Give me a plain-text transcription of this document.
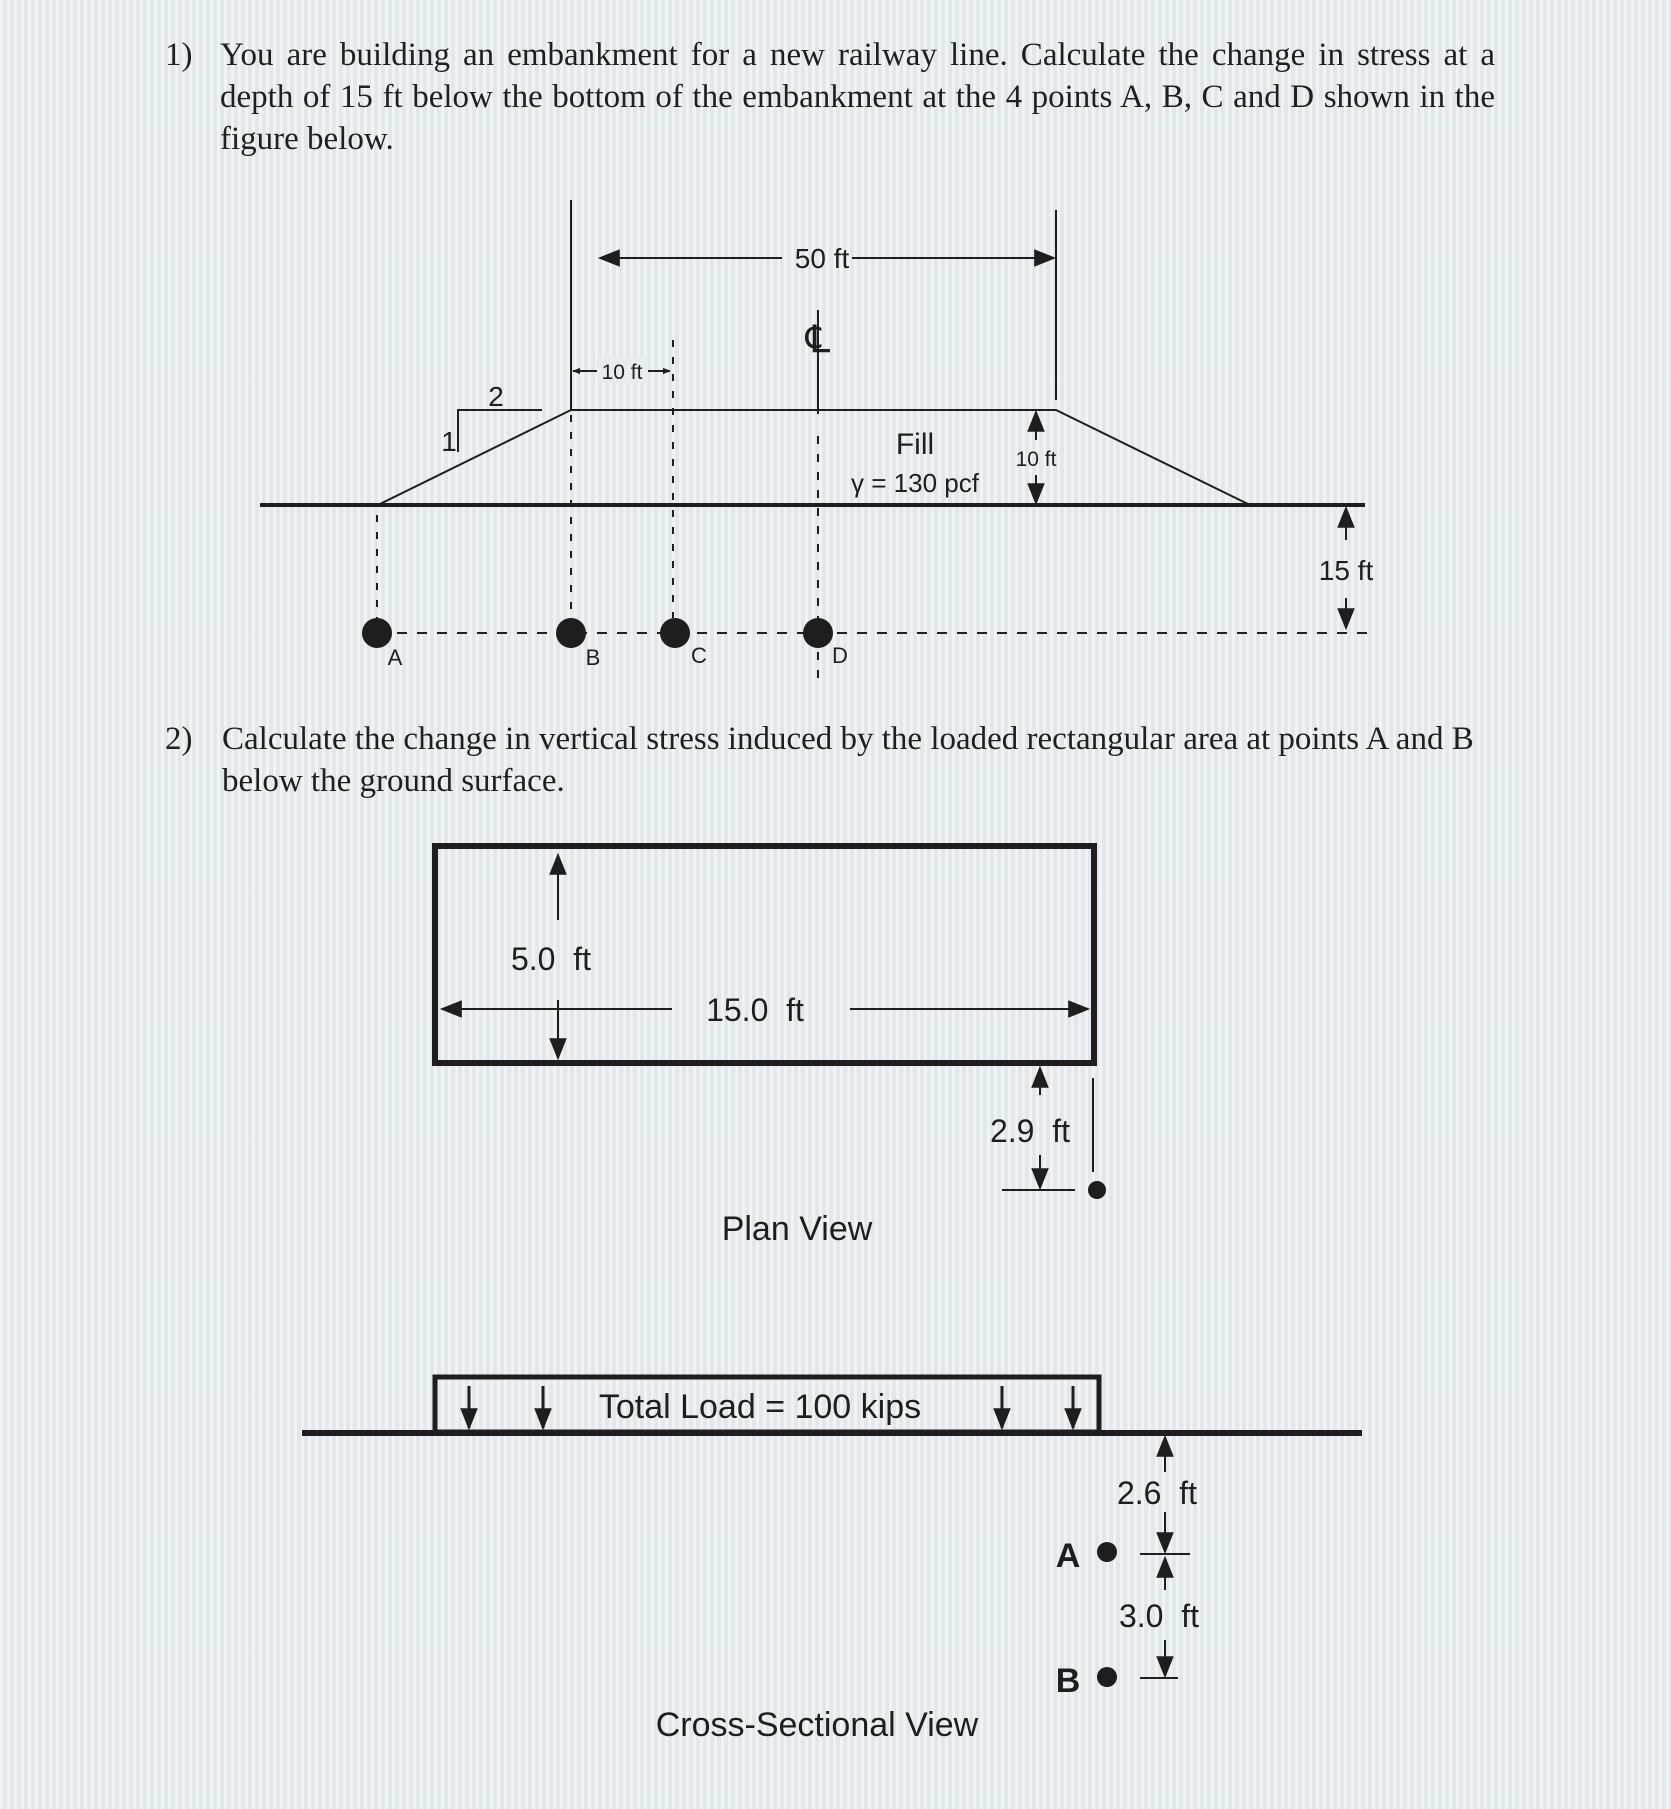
1) You are building an embankment for a new railway line. Calculate the change in stress at a depth of 15 ft below the bottom of the embankment at the 4 points A, B, C and D shown in the figure below.
50 ft
℄
10 ft
2
1	Fill
γ = 130 pcf
10 ft
15 ft
A	B	C	D
5.0  ft
15.0  ft
2.9  ft
Plan View
Total Load = 100 kips
2.6  ft
3.0  ft
A
B
Cross-Sectional View
2) Calculate the change in vertical stress induced by the loaded rectangular area at points A and B below the ground surface.
